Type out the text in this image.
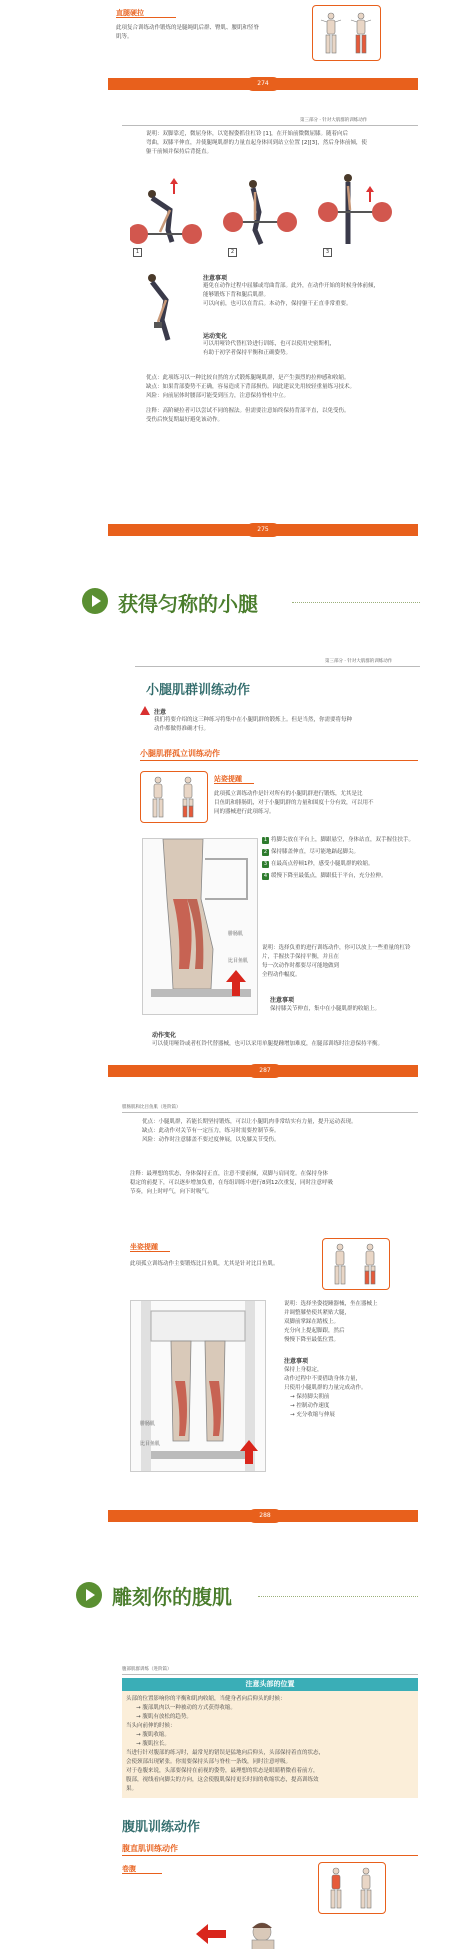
直腿硬拉
此项复合训练动作锻炼的是腿绳肌后群、臀肌、腰肌和竖脊
肌等。
274
第三部分 · 针对大肌群的训练动作
说明：双脚靠近，微屈身体，以宽握姿抓住杠铃 [1]，在开始前微微屈膝。随着向后
弯曲，双膝平伸直，并使腿绳肌群的力量直起身体回到站立位置 [2][3]，然后身体前倾，使
躯干前倾并保持后背挺直。
1	2	3
注意事项
避免在动作过程中屈膝或弯曲背部。此外，在动作开始的时候身体前倾，
能够锻炼下背和腿后肌群。
可以向前，也可以在背后。本动作，保持躯干正直非常重要。
运动变化
可以用哑铃代替杠铃进行训练，也可以使用史密斯机，
有助于初学者保持平衡和正确姿势。
优点：此项练习以一种比较自然的方式锻炼腿绳肌群，是产生强烈的拉伸感和收缩。
缺点：如果背部姿势不正确，容易造成下背部损伤。因此建议先用较轻重量练习技术。
风险：向前屈体时腰部可能受到压力，注意保持脊柱中立。
注释：高阶硬拉者可以尝试不同的握法。但需要注意始终保持背部平直，以免受伤。
受伤后恢复期最好避免该动作。
275
获得匀称的小腿
第三部分 · 针对大肌群的训练动作
小腿肌群训练动作
注意
我们将要介绍的这三种练习将集中在小腿肌群的锻炼上。但是当然，你需要将每种
动作都做得准确才行。
小腿肌群孤立训练动作
站姿提踵
此项孤立训练动作是针对所有的小腿肌群进行锻炼，尤其是比
目鱼肌和腓肠肌，对于小腿肌群的力量和围度十分有效，可以用不
同的器械进行此项练习。
腓肠肌
比目鱼肌
1 将脚尖放在平台上，脚跟悬空，身体站直，双手握住扶手。
2 保持膝盖伸直，尽可能地踮起脚尖。
3 在最高点停顿1秒，感受小腿肌群的收缩。
4 缓慢下降至最低点，脚跟低于平台，充分拉伸。
说明：选择负重的进行训练动作，你可以放上一些重量的杠铃
片，手握扶手保持平衡，并且在
每一次动作时都要尽可能地做到
全程动作幅度。
注意事项
保持膝关节伸直，集中在小腿肌群的收缩上。
动作变化
可以使用哑铃或者杠铃代替器械，也可以采用单腿提踵增加难度，在腿部训练时注意保持平衡。
287
腓肠肌和比目鱼肌（进阶篇）
优点：小腿肌群，若能长期坚持锻炼，可以让小腿肌肉非常结实有力量，提升运动表现。
缺点：此动作对关节有一定压力，练习时需要控制节奏。
风险：动作时注意膝盖不要过度伸展，以免膝关节受伤。
注释：最理想的状态，身体保持正直，注意不要前倾，双脚与肩同宽。在保持身体
稳定的前提下，可以逐步增加负重，在每组训练中进行8到12次重复，同时注意呼吸
节奏，向上时呼气，向下时吸气。
坐姿提踵
此项孤立训练动作主要锻炼比目鱼肌，尤其是针对比目鱼肌。
腓肠肌
比目鱼肌
说明：选择坐姿提踵器械，坐在器械上
并调整膝垫使其紧贴大腿，
双脚前掌踩在踏板上。
充分向上提起脚跟，然后
慢慢下降至最低位置。
注意事项
保持上身稳定，
动作过程中不要借助身体力量，
只使用小腿肌群的力量完成动作。
→ 保持脚尖朝前
→ 控制动作速度
→ 充分收缩与伸展
288
雕刻你的腹肌
腹部肌群训练（进阶篇）
注意头部的位置
头部的位置影响你的平衡和肌肉收缩，当健身者向后仰头的时候：
→ 腹部肌肉以一种被动的方式获得收缩。
→ 腹肌有放松的趋势。
当头向前伸的时候：
→ 腹肌收缩。
→ 腹肌拉长。
当进行针对腹部的练习时，最常见的错误是猛地向后仰头，头部保持着直的状态，
会使颈部出现紧张。你需要保持头部与脊柱一条线，同时注意呼吸。
对于卷腹来说，头部要保持在前视的姿势，最理想的状态是眼睛稍微看着前方，
腹部，视线看向脚尖的方向，这会使腹肌保持更长时间的收缩状态，提高训练效
果。
腹肌训练动作
腹直肌训练动作
卷腹
